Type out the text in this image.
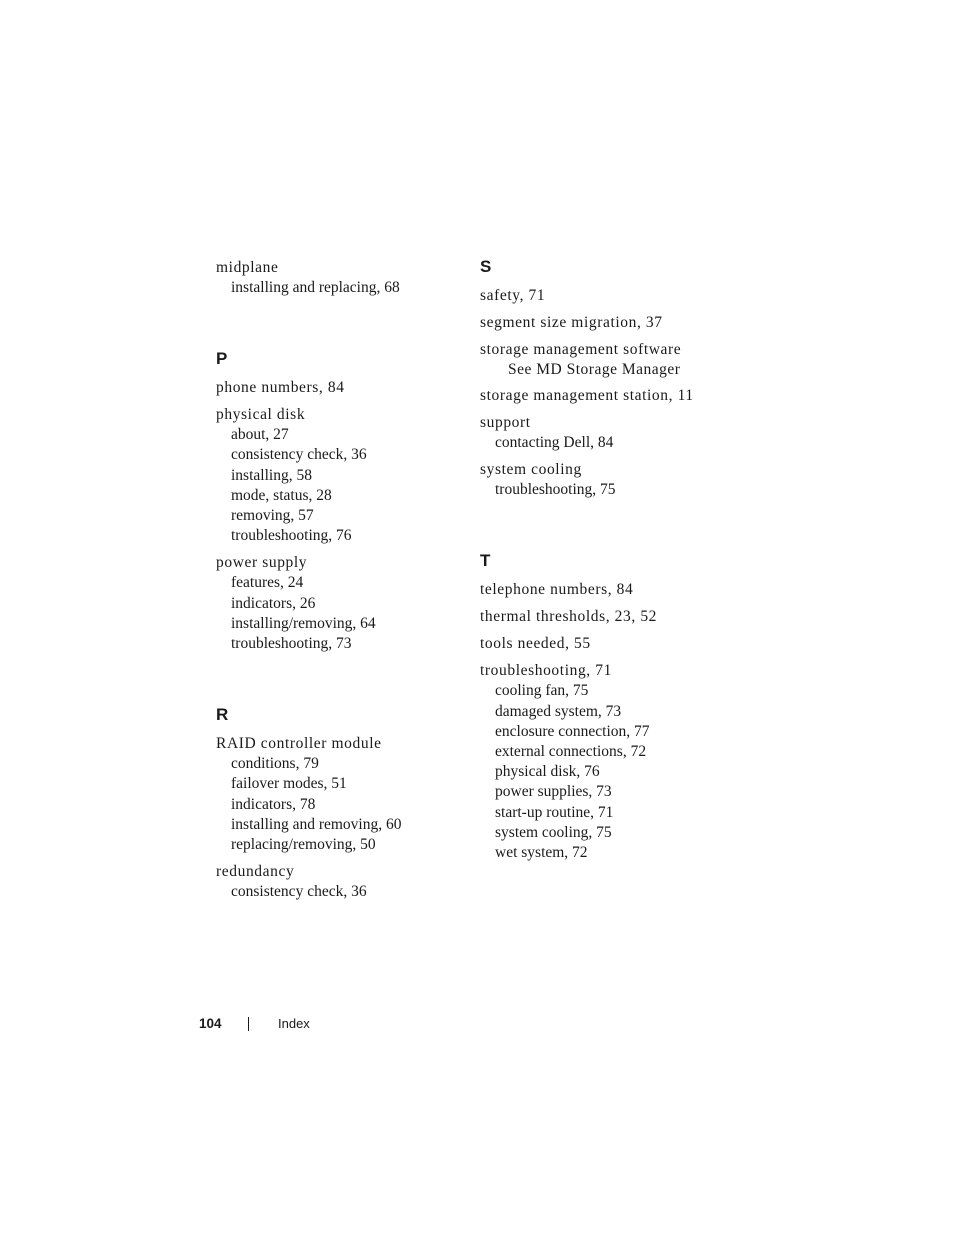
midplane
installing and replacing, 68
P
phone numbers, 84
physical disk
about, 27
consistency check, 36
installing, 58
mode, status, 28
removing, 57
troubleshooting, 76
power supply
features, 24
indicators, 26
installing/removing, 64
troubleshooting, 73
R
RAID controller module
conditions, 79
failover modes, 51
indicators, 78
installing and removing, 60
replacing/removing, 50
redundancy
consistency check, 36
S
safety, 71
segment size migration, 37
storage management software
See MD Storage Manager
storage management station, 11
support
contacting Dell, 84
system cooling
troubleshooting, 75
T
telephone numbers, 84
thermal thresholds, 23, 52
tools needed, 55
troubleshooting, 71
cooling fan, 75
damaged system, 73
enclosure connection, 77
external connections, 72
physical disk, 76
power supplies, 73
start-up routine, 71
system cooling, 75
wet system, 72
104	Index
